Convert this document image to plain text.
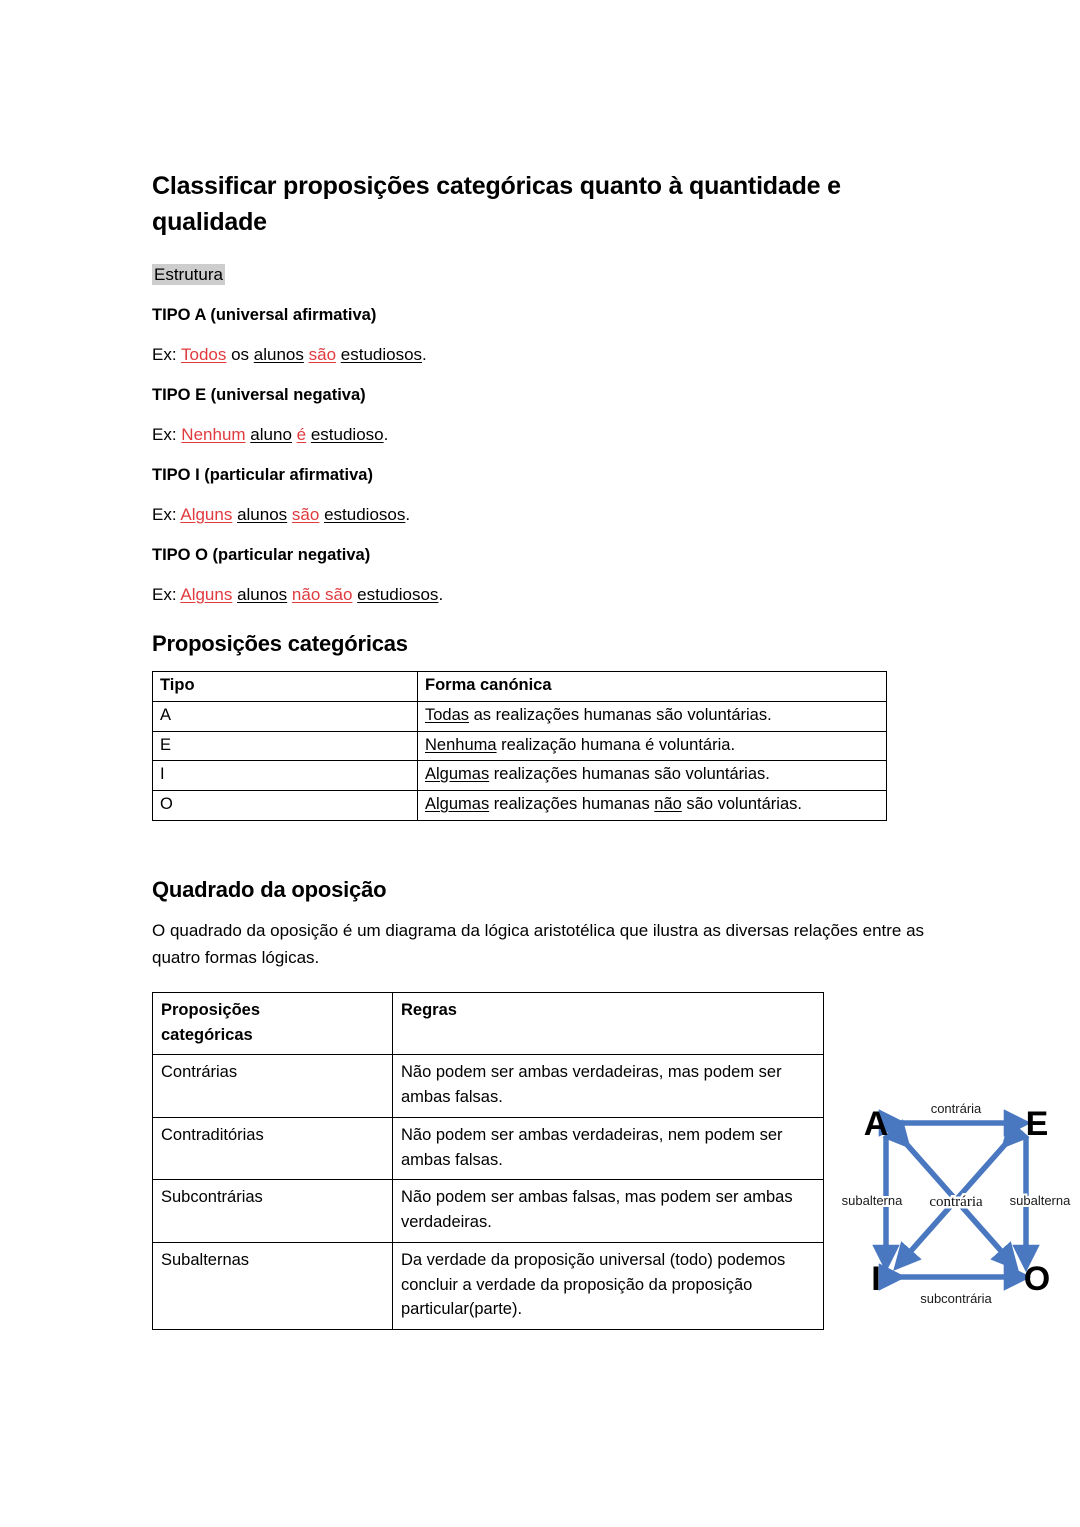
Classificar proposições categóricas quanto à quantidade e qualidade

Estrutura

TIPO A (universal afirmativa)

Ex: Todos os alunos são estudiosos.

TIPO E (universal negativa)

Ex: Nenhum aluno é estudioso.

TIPO I (particular afirmativa)

Ex: Alguns alunos são estudiosos.

TIPO O (particular negativa)

Ex: Alguns alunos não são estudiosos.

Proposições categóricas
Tipo	Forma canónica
A	Todas as realizações humanas são voluntárias.
E	Nenhuma realização humana é voluntária.
I	Algumas realizações humanas são voluntárias.
O	Algumas realizações humanas não são voluntárias.
Quadrado da oposição

O quadrado da oposição é um diagrama da lógica aristotélica que ilustra as diversas relações entre as quatro formas lógicas.

Proposições
categóricas	Regras
Contrárias	Não podem ser ambas verdadeiras, mas podem ser ambas falsas.
Contraditórias	Não podem ser ambas verdadeiras, nem podem ser ambas falsas.
Subcontrárias	Não podem ser ambas falsas, mas podem ser ambas verdadeiras.
Subalternas	Da verdade da proposição universal (todo) podemos concluir a verdade da proposição da proposição particular(parte).
A	E
I	O
contrária
subalterna	subalterna
contrária
subcontrária
